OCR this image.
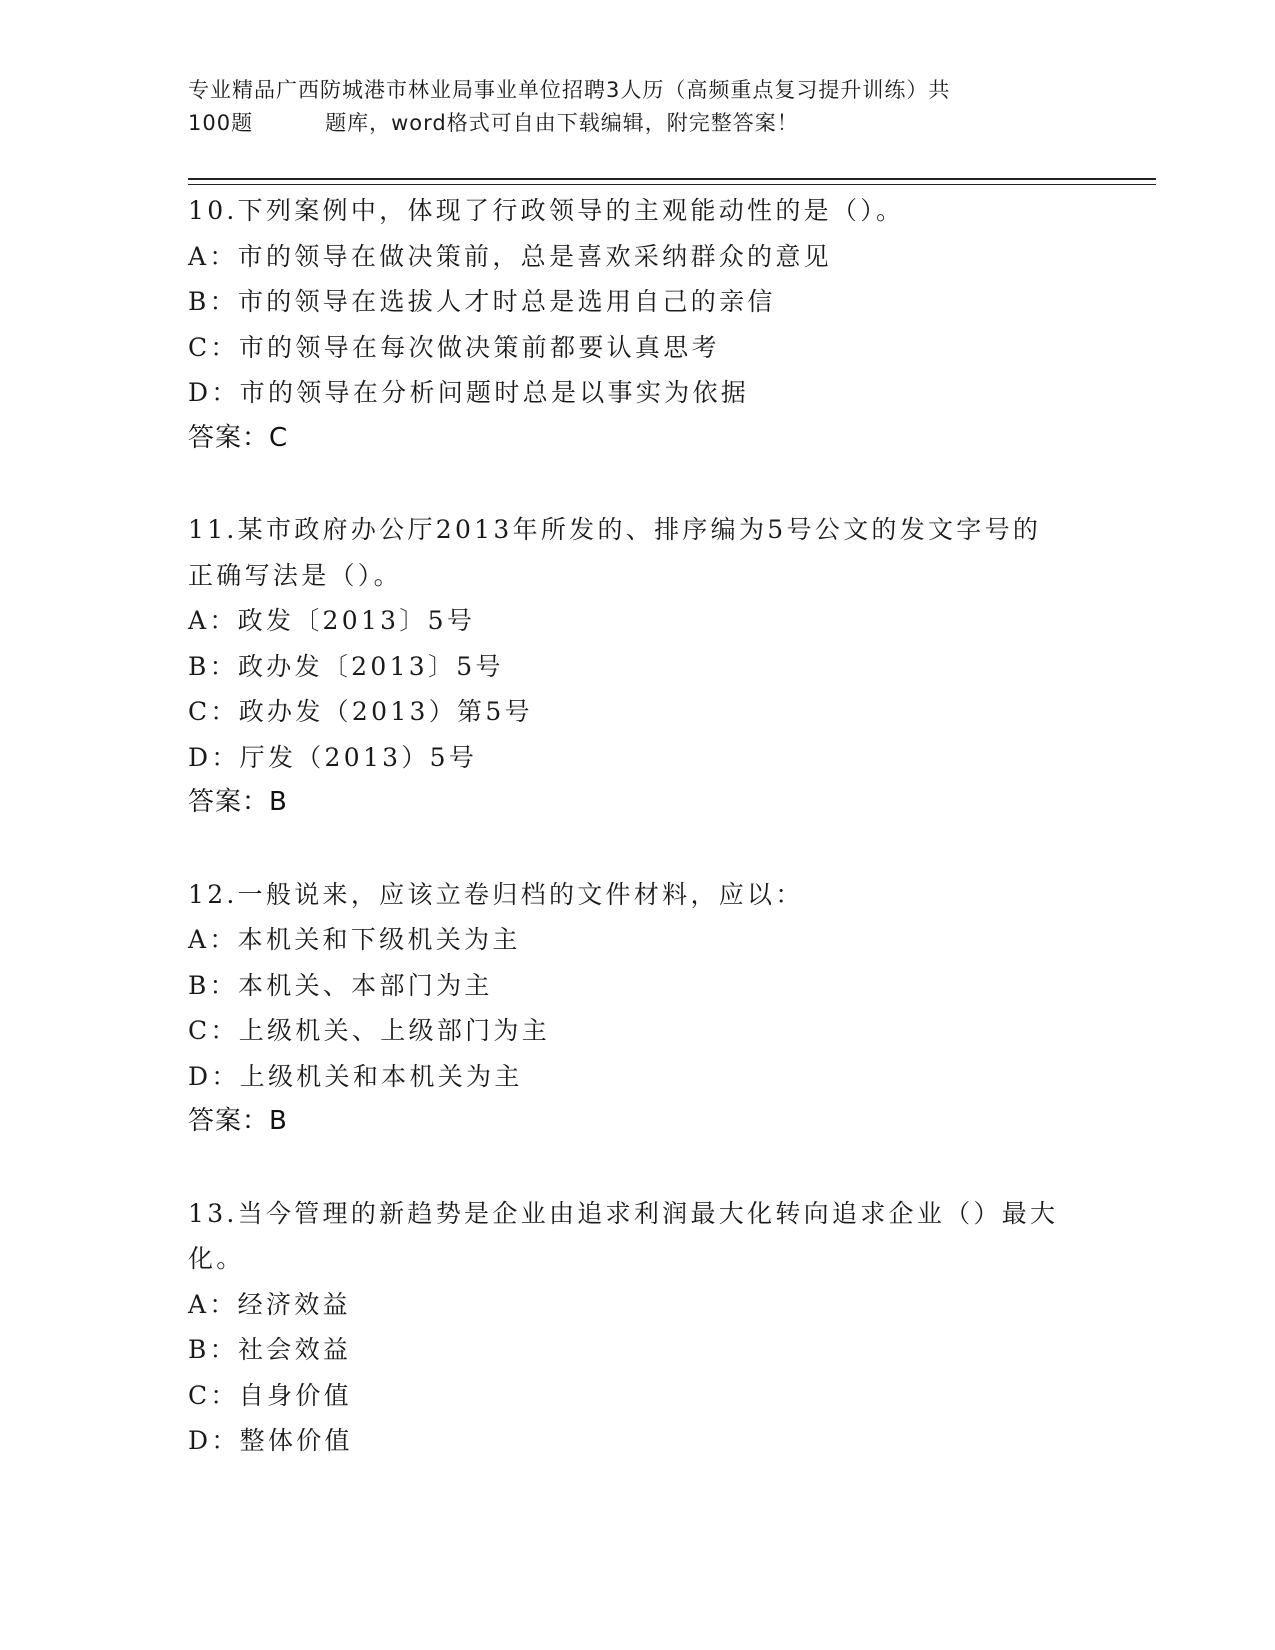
专业精品广西防城港市林业局事业单位招聘3人历（高频重点复习提升训练）共
100题	题库，word格式可自由下载编辑，附完整答案！
10.下列案例中，体现了行政领导的主观能动性的是（）。
A：市的领导在做决策前，总是喜欢采纳群众的意见
B：市的领导在选拔人才时总是选用自己的亲信
C：市的领导在每次做决策前都要认真思考
D：市的领导在分析问题时总是以事实为依据
答案：C
11.某市政府办公厅2013年所发的、排序编为5号公文的发文字号的
正确写法是（）。
A：政发〔2013〕5号
B：政办发〔2013〕5号
C：政办发（2013）第5号
D：厅发（2013）5号
答案：B
12.一般说来，应该立卷归档的文件材料，应以：
A：本机关和下级机关为主
B：本机关、本部门为主
C：上级机关、上级部门为主
D：上级机关和本机关为主
答案：B
13.当今管理的新趋势是企业由追求利润最大化转向追求企业（）最大
化。
A：经济效益
B：社会效益
C：自身价值
D：整体价值
